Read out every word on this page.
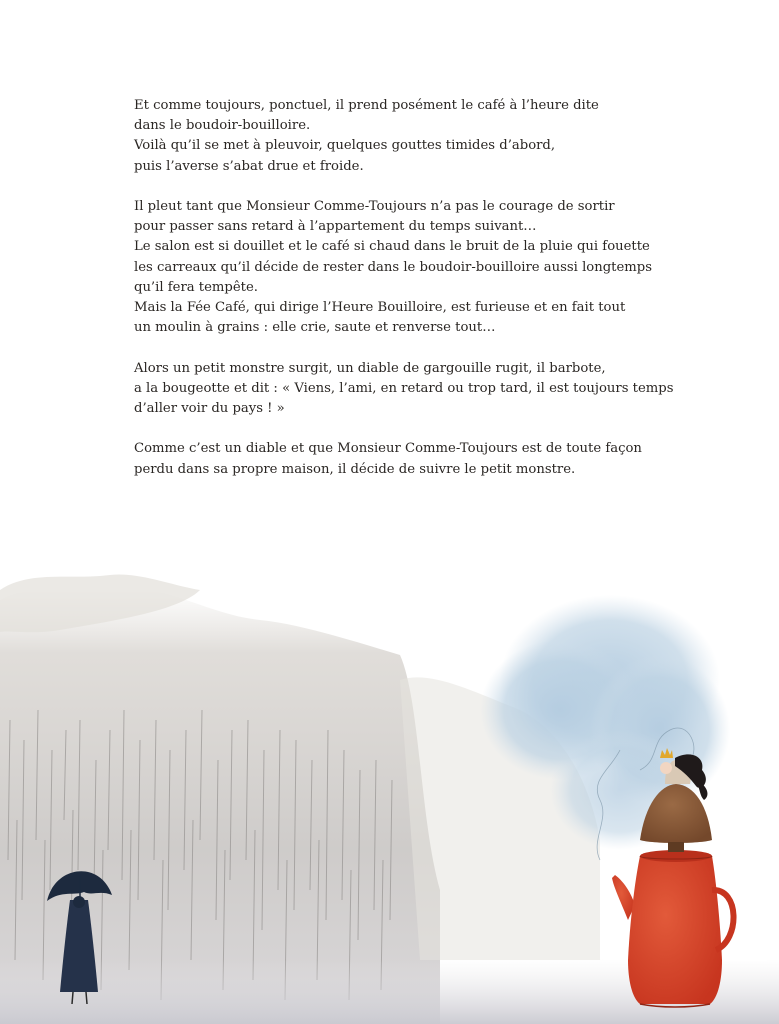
Et comme toujours, ponctuel, il prend posément le café à l’heure dite
dans le boudoir-bouilloire.
Voilà qu’il se met à pleuvoir, quelques gouttes timides d’abord,
puis l’averse s’abat drue et froide.

Il pleut tant que Monsieur Comme-Toujours n’a pas le courage de sortir
pour passer sans retard à l’appartement du temps suivant…
Le salon est si douillet et le café si chaud dans le bruit de la pluie qui fouette
les carreaux qu’il décide de rester dans le boudoir-bouilloire aussi longtemps
qu’il fera tempête.
Mais la Fée Café, qui dirige l’Heure Bouilloire, est furieuse et en fait tout
un moulin à grains : elle crie, saute et renverse tout…

Alors un petit monstre surgit, un diable de gargouille rugit, il barbote,
a la bougeotte et dit : « Viens, l’ami, en retard ou trop tard, il est toujours temps
d’aller voir du pays ! »

Comme c’est un diable et que Monsieur Comme-Toujours est de toute façon
perdu dans sa propre maison, il décide de suivre le petit monstre.
